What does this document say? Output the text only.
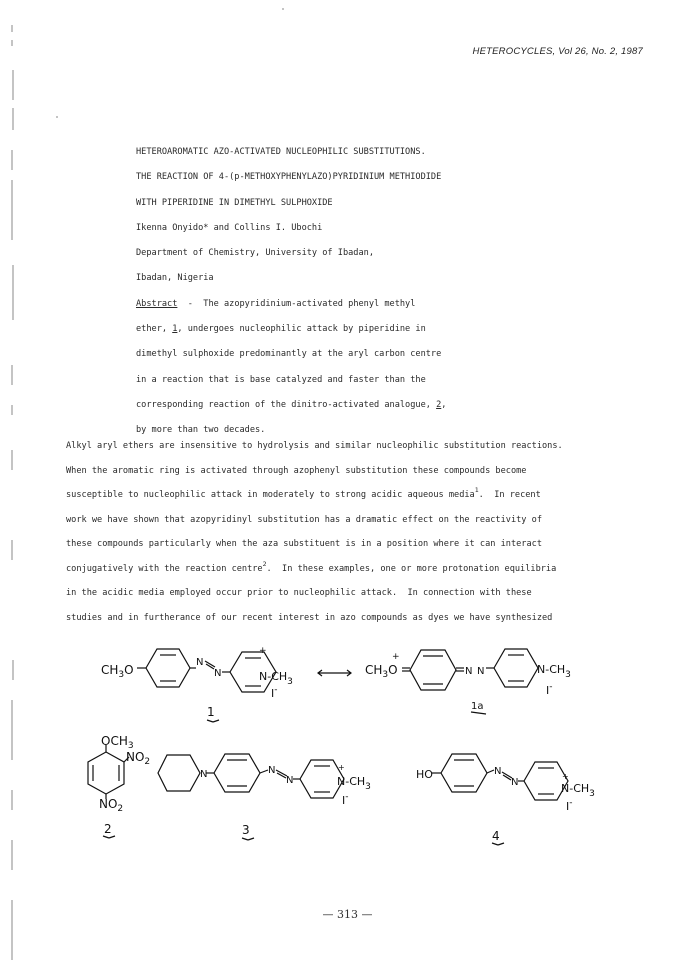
HETEROCYCLES, Vol 26, No. 2, 1987
HETEROAROMATIC AZO-ACTIVATED NUCLEOPHILIC SUBSTITUTIONS.
THE REACTION OF 4-(p-METHOXYPHENYLAZO)PYRIDINIUM METHIODIDE
WITH PIPERIDINE IN DIMETHYL SULPHOXIDE
Ikenna Onyido* and Collins I. Ubochi
Department of Chemistry, University of Ibadan,
Ibadan, Nigeria
Abstract  -  The azopyridinium-activated phenyl methyl
ether, 1, undergoes nucleophilic attack by piperidine in
dimethyl sulphoxide predominantly at the aryl carbon centre
in a reaction that is base catalyzed and faster than the
corresponding reaction of the dinitro-activated analogue, 2,
by more than two decades.
Alkyl aryl ethers are insensitive to hydrolysis and similar nucleophilic substitution reactions.
When the aromatic ring is activated through azophenyl substitution these compounds become
susceptible to nucleophilic attack in moderately to strong acidic aqueous media$^1$.  In recent
work we have shown that azopyridinyl substitution has a dramatic effect on the reactivity of
these compounds particularly when the aza substituent is in a position where it can interact
conjugatively with the reaction centre$^2$.  In these examples, one or more protonation equilibria
in the acidic media employed occur prior to nucleophilic attack.  In connection with these
studies and in furtherance of our recent interest in azo compounds as dyes we have synthesized
$CH_3O$
N
N
+
$N-CH_3$
I-
1
$CH_3O$
+
N N	$N-CH_3$
I-
1a
$OCH_3$
$NO_2$
$NO_2$
2
N	N
N
+
$N-CH_3$
I-
3
HO	N
N
+
$N-CH_3$
I-
4
— 313 —
